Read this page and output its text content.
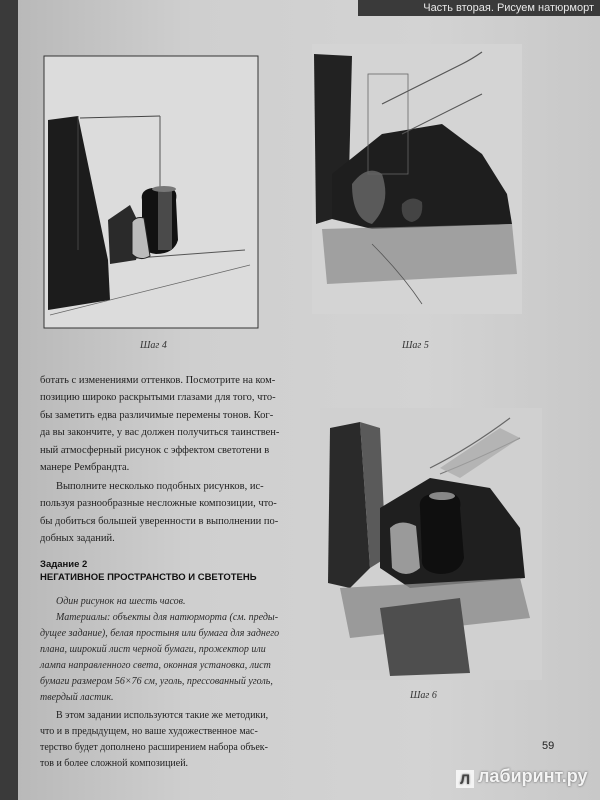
Часть вторая. Рисуем натюрморт
Шаг 4	Шаг 5

ботать с изменениями оттенков. Посмотрите на ком-

позицию широко раскрытыми глазами для того, что-

бы заметить едва различимые перемены тонов. Ког-

да вы закончите, у вас должен получиться таинствен-

ный атмосферный рисунок с эффектом светотени в

манере Рембрандта.

Выполните несколько подобных рисунков, ис-

пользуя разнообразные несложные композиции, что-

бы добиться большей уверенности в выполнении по-

добных заданий.

Задание 2
НЕГАТИВНОЕ ПРОСТРАНСТВО И СВЕТОТЕНЬ

Один рисунок на шесть часов.

Материалы: объекты для натюрморта (см. преды-

дущее задание), белая простыня или бумага для заднего

плана, широкий лист черной бумаги, прожектор или

лампа направленного света, оконная установка, лист

бумаги размером 56×76 см, уголь, прессованный уголь,

твердый ластик.

В этом задании используются такие же методики,

что и в предыдущем, но ваше художественное мас-

терство будет дополнено расширением набора объек-

тов и более сложной композицией.

Шаг 6
59
Л лабиринт.ру
